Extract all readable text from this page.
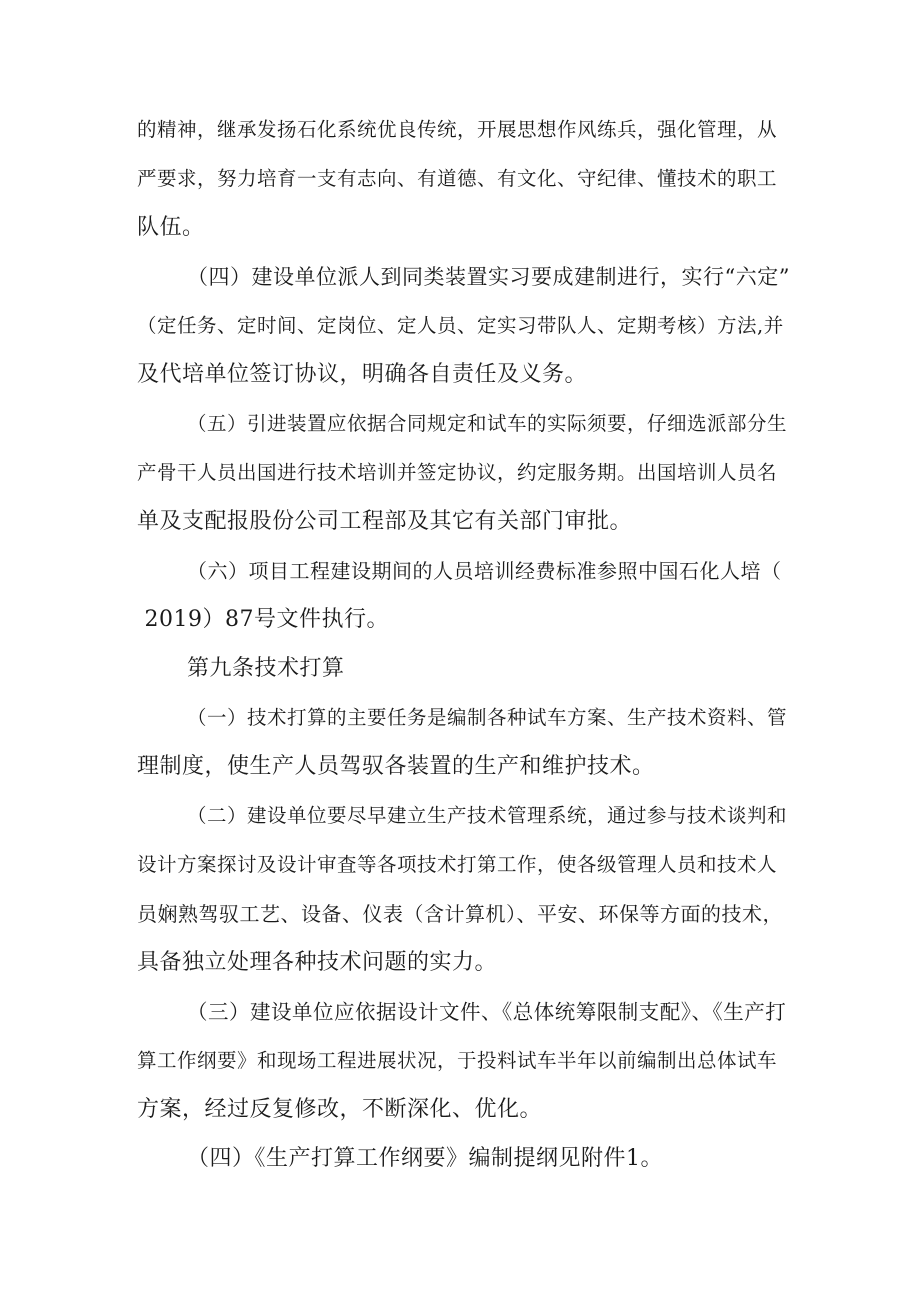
的精神，继承发扬石化系统优良传统，开展思想作风练兵，强化管理，从

严要求，努力培育一支有志向、有道德、有文化、守纪律、懂技术的职工

队伍。

（四）建设单位派人到同类装置实习要成建制进行，实行“六定”

（定任务、定时间、定岗位、定人员、定实习带队人、定期考核）方法,并

及代培单位签订协议，明确各自责任及义务。

（五）引进装置应依据合同规定和试车的实际须要，仔细选派部分生

产骨干人员出国进行技术培训并签定协议，约定服务期。出国培训人员名

单及支配报股份公司工程部及其它有关部门审批。

（六）项目工程建设期间的人员培训经费标准参照中国石化人培（

2019）87号文件执行。

第九条技术打算

（一）技术打算的主要任务是编制各种试车方案、生产技术资料、管

理制度，使生产人员驾驭各装置的生产和维护技术。

（二）建设单位要尽早建立生产技术管理系统，通过参与技术谈判和

设计方案探讨及设计审査等各项技术打第工作，使各级管理人员和技术人

员娴熟驾驭工艺、设备、仪表（含计算机）、平安、环保等方面的技术，

具备独立处理各种技术问题的实力。

（三）建设单位应依据设计文件、《总体统筹限制支配》、《生产打

算工作纲要》和现场工程进展状况，于投料试车半年以前编制出总体试车

方案，经过反复修改，不断深化、优化。

（四）《生产打算工作纲要》编制提纲见附件1。
